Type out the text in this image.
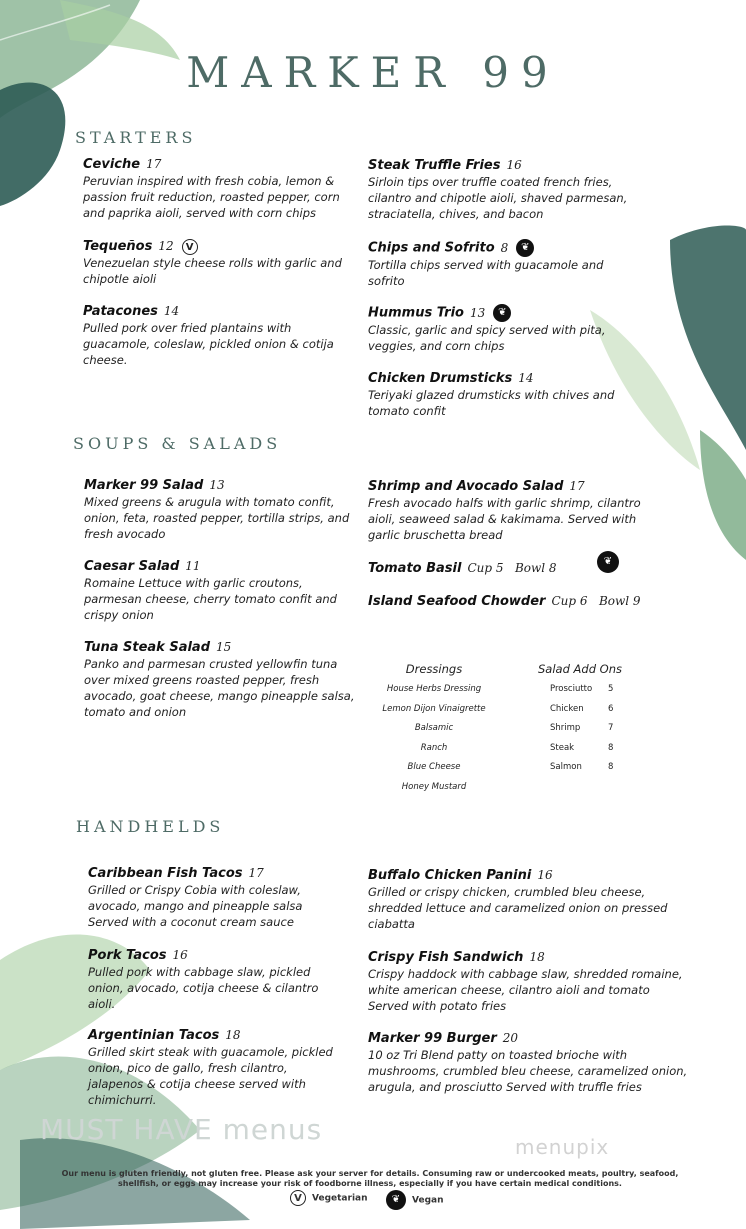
MARKER 99
STARTERS
SOUPS & SALADS
HANDHELDS
Ceviche 17
Peruvian inspired with fresh cobia, lemon & passion fruit reduction, roasted pepper, corn and paprika aioli, served with corn chips
Tequeños 12 V
Venezuelan style cheese rolls with garlic and chipotle aioli
Patacones 14
Pulled pork over fried plantains with guacamole, coleslaw, pickled onion & cotija cheese.
Steak Truffle Fries 16
Sirloin tips over truffle coated french fries, cilantro and chipotle aioli, shaved parmesan, straciatella, chives, and bacon
Chips and Sofrito 8 ❦
Tortilla chips served with guacamole and sofrito
Hummus Trio 13 ❦
Classic, garlic and spicy served with pita, veggies, and corn chips
Chicken Drumsticks 14
Teriyaki glazed drumsticks with chives and tomato confit
Marker 99 Salad 13
Mixed greens & arugula with tomato confit, onion, feta, roasted pepper, tortilla strips, and fresh avocado
Caesar Salad 11
Romaine Lettuce with garlic croutons, parmesan cheese, cherry tomato confit and crispy onion
Tuna Steak Salad 15
Panko and parmesan crusted yellowfin tuna over mixed greens roasted pepper, fresh avocado, goat cheese, mango pineapple salsa, tomato and onion
Shrimp and Avocado Salad 17
Fresh avocado halfs with garlic shrimp, cilantro aioli, seaweed salad & kakimama. Served with garlic bruschetta bread
Tomato Basil Cup 5   Bowl 8	❦
Island Seafood Chowder Cup 6   Bowl 9
Dressings
House Herbs Dressing
Lemon Dijon Vinaigrette
Balsamic
Ranch
Blue Cheese
Honey Mustard
Salad Add Ons
Prosciutto 5
Chicken	6
Shrimp	7
Steak	8
Salmon	8
Caribbean Fish Tacos 17
Grilled or Crispy Cobia with coleslaw, avocado, mango and pineapple salsa Served with a coconut cream sauce
Pork Tacos 16
Pulled pork with cabbage slaw, pickled onion, avocado, cotija cheese & cilantro aioli.
Argentinian Tacos 18
Grilled skirt steak with guacamole, pickled onion, pico de gallo, fresh cilantro, jalapenos & cotija cheese served with chimichurri.
Buffalo Chicken Panini 16
Grilled or crispy chicken, crumbled bleu cheese, shredded lettuce and caramelized onion on pressed ciabatta
Crispy Fish Sandwich 18
Crispy haddock with cabbage slaw, shredded romaine, white american cheese, cilantro aioli and tomato Served with potato fries
Marker 99 Burger 20
10 oz Tri Blend patty on toasted brioche with mushrooms, crumbled bleu cheese, caramelized onion, arugula, and prosciutto Served with truffle fries
MUST HAVE menus
menupix
Our menu is gluten friendly, not gluten free. Please ask your server for details. Consuming raw or undercooked meats, poultry, seafood, shellfish, or eggs may increase your risk of foodborne illness, especially if you have certain medical conditions.
V Vegetarian	❦ Vegan
